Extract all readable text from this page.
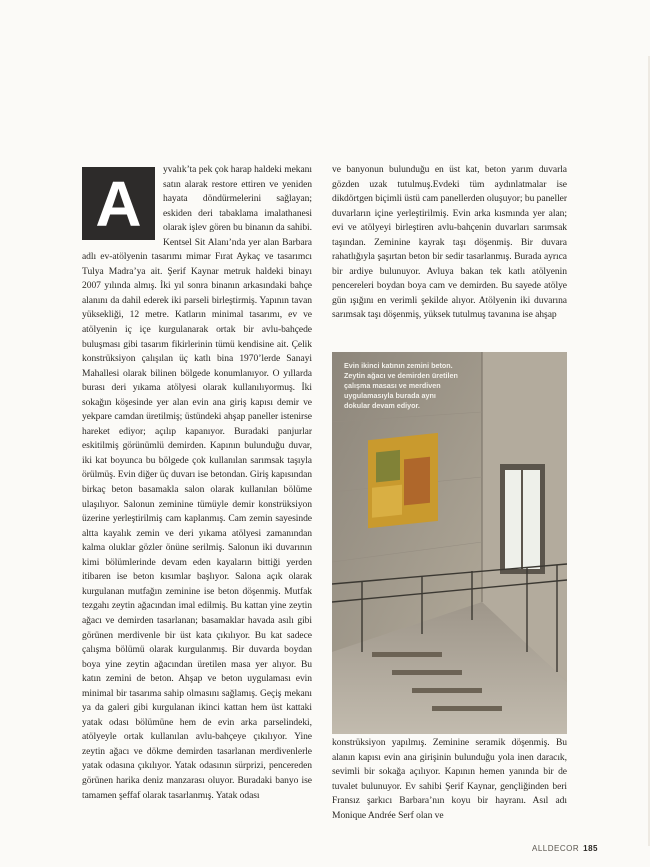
A	yvalık’ta pek çok harap haldeki mekanı satın alarak restore ettiren ve yeniden hayata döndürmelerini sağlayan; eskiden deri tabaklama imalathanesi olarak işlev gören bu binanın da sahibi. Kentsel Sit Alanı’nda yer alan Barbara adlı ev-atölyenin tasarımı mimar Fırat Aykaç ve tasarımcı Tulya Madra’ya ait. Şerif Kaynar metruk haldeki binayı 2007 yılında almış. İki yıl sonra binanın arkasındaki bahçe alanını da dahil ederek iki parseli birleştirmiş. Yapının tavan yüksekliği, 12 metre. Katların minimal tasarımı, ev ve atölyenin iç içe kurgulanarak ortak bir avlu-bahçede buluşması gibi tasarım fikirlerinin tümü kendisine ait. Çelik konstrüksiyon çalışılan üç katlı bina 1970’lerde Sanayi Mahallesi olarak bilinen bölgede konumlanıyor. O yıllarda burası deri yıkama atölyesi olarak kullanılıyormuş. İki sokağın köşesinde yer alan evin ana giriş kapısı demir ve yekpare camdan üretilmiş; üstündeki ahşap paneller istenirse hareket ediyor; açılıp kapanıyor. Buradaki panjurlar eskitilmiş görünümlü demirden. Kapının bulunduğu duvar, iki kat boyunca bu bölgede çok kullanılan sarımsak taşıyla örülmüş. Evin diğer üç duvarı ise betondan. Giriş kapısından birkaç beton basamakla salon olarak kullanılan bölüme ulaşılıyor. Salonun zeminine tümüyle demir konstrüksiyon üzerine yerleştirilmiş cam kaplanmış. Cam zemin sayesinde altta kayalık zemin ve deri yıkama atölyesi zamanından kalma oluklar gözler önüne serilmiş. Salonun iki duvarının kimi bölümlerinde devam eden kayaların bittiği yerden itibaren ise beton kısımlar başlıyor. Salona açık olarak kurgulanan mutfağın zeminine ise beton döşenmiş. Mutfak tezgahı zeytin ağacından imal edilmiş. Bu kattan yine zeytin ağacı ve demirden tasarlanan; basamaklar havada asılı gibi görünen merdivenle bir üst kata çıkılıyor. Bu kat sadece çalışma bölümü olarak kurgulanmış. Bir duvarda boydan boya yine zeytin ağacından üretilen masa yer alıyor. Bu katın zemini de beton. Ahşap ve beton uygulaması evin minimal bir tasarıma sahip olmasını sağlamış. Geçiş mekanı ya da galeri gibi kurgulanan ikinci kattan hem üst kattaki yatak odası bölümüne hem de evin arka parselindeki, atölyeyle ortak kullanılan avlu-bahçeye çıkılıyor. Yine zeytin ağacı ve dökme demirden tasarlanan merdivenlerle yatak odasına çıkılıyor. Yatak odasının sürprizi, pencereden görünen harika deniz manzarası oluyor. Buradaki banyo ise tamamen şeffaf olarak tasarlanmış. Yatak odası

ve banyonun bulunduğu en üst kat, beton yarım duvarla gözden uzak tutulmuş.Evdeki tüm aydınlatmalar ise dikdörtgen biçimli üstü cam panellerden oluşuyor; bu paneller duvarların içine yerleştirilmiş. Evin arka kısmında yer alan; evi ve atölyeyi birleştiren avlu-bahçenin duvarları sarımsak taşından. Zeminine kayrak taşı döşenmiş. Bir duvara rahatlığıyla şaşırtan beton bir sedir tasarlanmış. Burada ayrıca bir ardiye bulunuyor. Avluya bakan tek katlı atölyenin pencereleri boydan boya cam ve demirden. Bu sayede atölye gün ışığını en verimli şekilde alıyor. Atölyenin iki duvarına sarımsak taşı döşenmiş, yüksek tutulmuş tavanına ise ahşap

Evin ikinci katının zemini beton. Zeytin ağacı ve demirden üretilen çalışma masası ve merdiven uygulamasıyla burada aynı dokular devam ediyor.

konstrüksiyon yapılmış. Zeminine seramik döşenmiş. Bu alanın kapısı evin ana girişinin bulunduğu yola inen daracık, sevimli bir sokağa açılıyor. Kapının hemen yanında bir de tuvalet bulunuyor. Ev sahibi Şerif Kaynar, gençliğinden beri Fransız şarkıcı Barbara’nın koyu bir hayranı. Asıl adı Monique Andrée Serf olan ve

ALLDECOR 185
